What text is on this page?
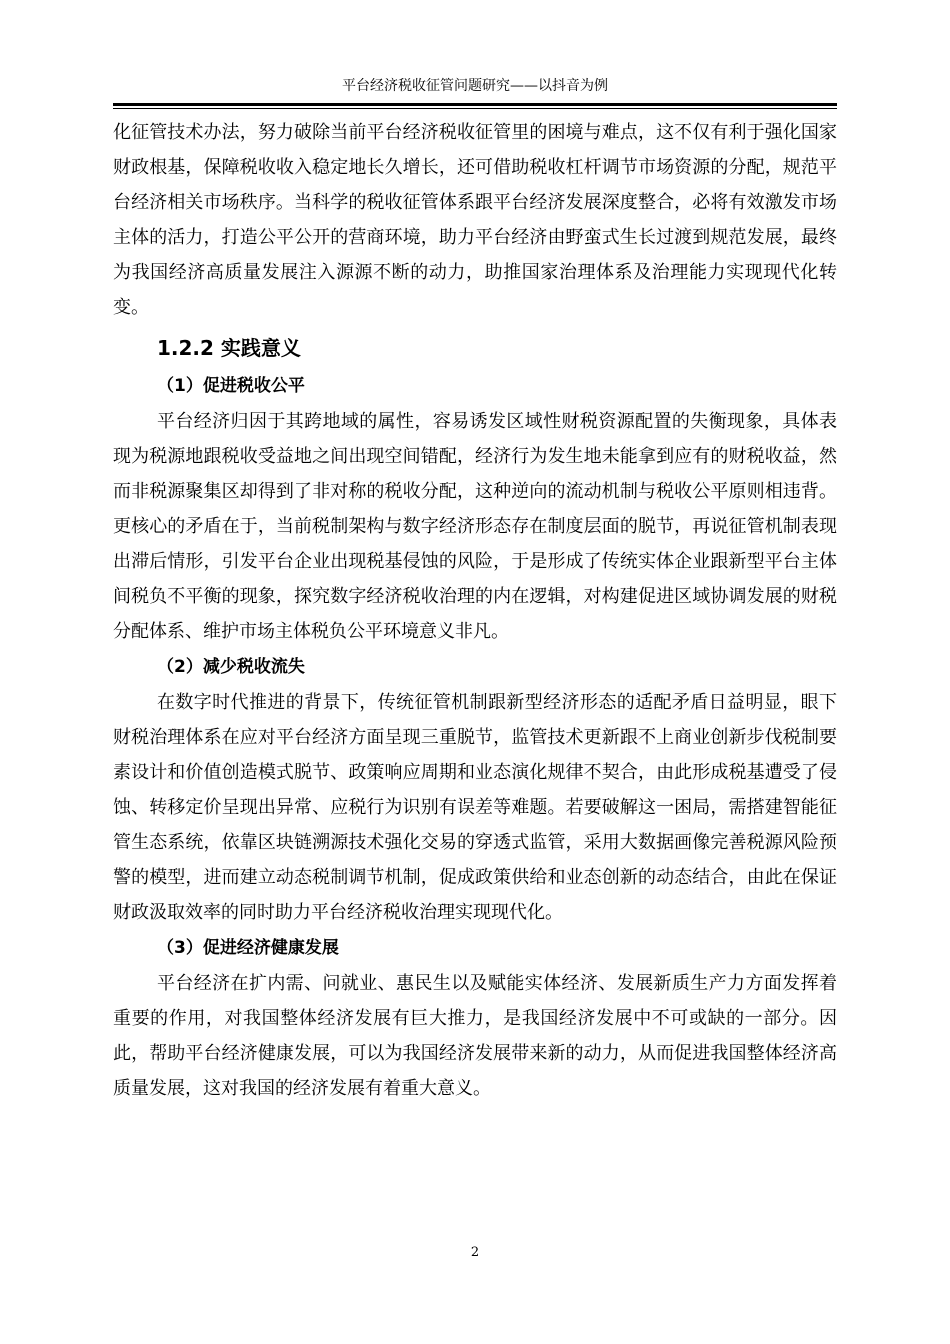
平台经济税收征管问题研究——以抖音为例

化征管技术办法，努力破除当前平台经济税收征管里的困境与难点，这不仅有利于强化国家财政根基，保障税收收入稳定地长久增长，还可借助税收杠杆调节市场资源的分配，规范平台经济相关市场秩序。当科学的税收征管体系跟平台经济发展深度整合，必将有效激发市场主体的活力，打造公平公开的营商环境，助力平台经济由野蛮式生长过渡到规范发展，最终为我国经济高质量发展注入源源不断的动力，助推国家治理体系及治理能力实现现代化转变。

1.2.2 实践意义
（1）促进税收公平

平台经济归因于其跨地域的属性，容易诱发区域性财税资源配置的失衡现象，具体表现为税源地跟税收受益地之间出现空间错配，经济行为发生地未能拿到应有的财税收益，然而非税源聚集区却得到了非对称的税收分配，这种逆向的流动机制与税收公平原则相违背。更核心的矛盾在于，当前税制架构与数字经济形态存在制度层面的脱节，再说征管机制表现出滞后情形，引发平台企业出现税基侵蚀的风险，于是形成了传统实体企业跟新型平台主体间税负不平衡的现象，探究数字经济税收治理的内在逻辑，对构建促进区域协调发展的财税分配体系、维护市场主体税负公平环境意义非凡。

（2）减少税收流失

在数字时代推进的背景下，传统征管机制跟新型经济形态的适配矛盾日益明显，眼下财税治理体系在应对平台经济方面呈现三重脱节，监管技术更新跟不上商业创新步伐税制要素设计和价值创造模式脱节、政策响应周期和业态演化规律不契合，由此形成税基遭受了侵蚀、转移定价呈现出异常、应税行为识别有误差等难题。若要破解这一困局，需搭建智能征管生态系统，依靠区块链溯源技术强化交易的穿透式监管，采用大数据画像完善税源风险预警的模型，进而建立动态税制调节机制，促成政策供给和业态创新的动态结合，由此在保证财政汲取效率的同时助力平台经济税收治理实现现代化。

（3）促进经济健康发展

平台经济在扩内需、问就业、惠民生以及赋能实体经济、发展新质生产力方面发挥着重要的作用，对我国整体经济发展有巨大推力，是我国经济发展中不可或缺的一部分。因此，帮助平台经济健康发展，可以为我国经济发展带来新的动力，从而促进我国整体经济高质量发展，这对我国的经济发展有着重大意义。

2
